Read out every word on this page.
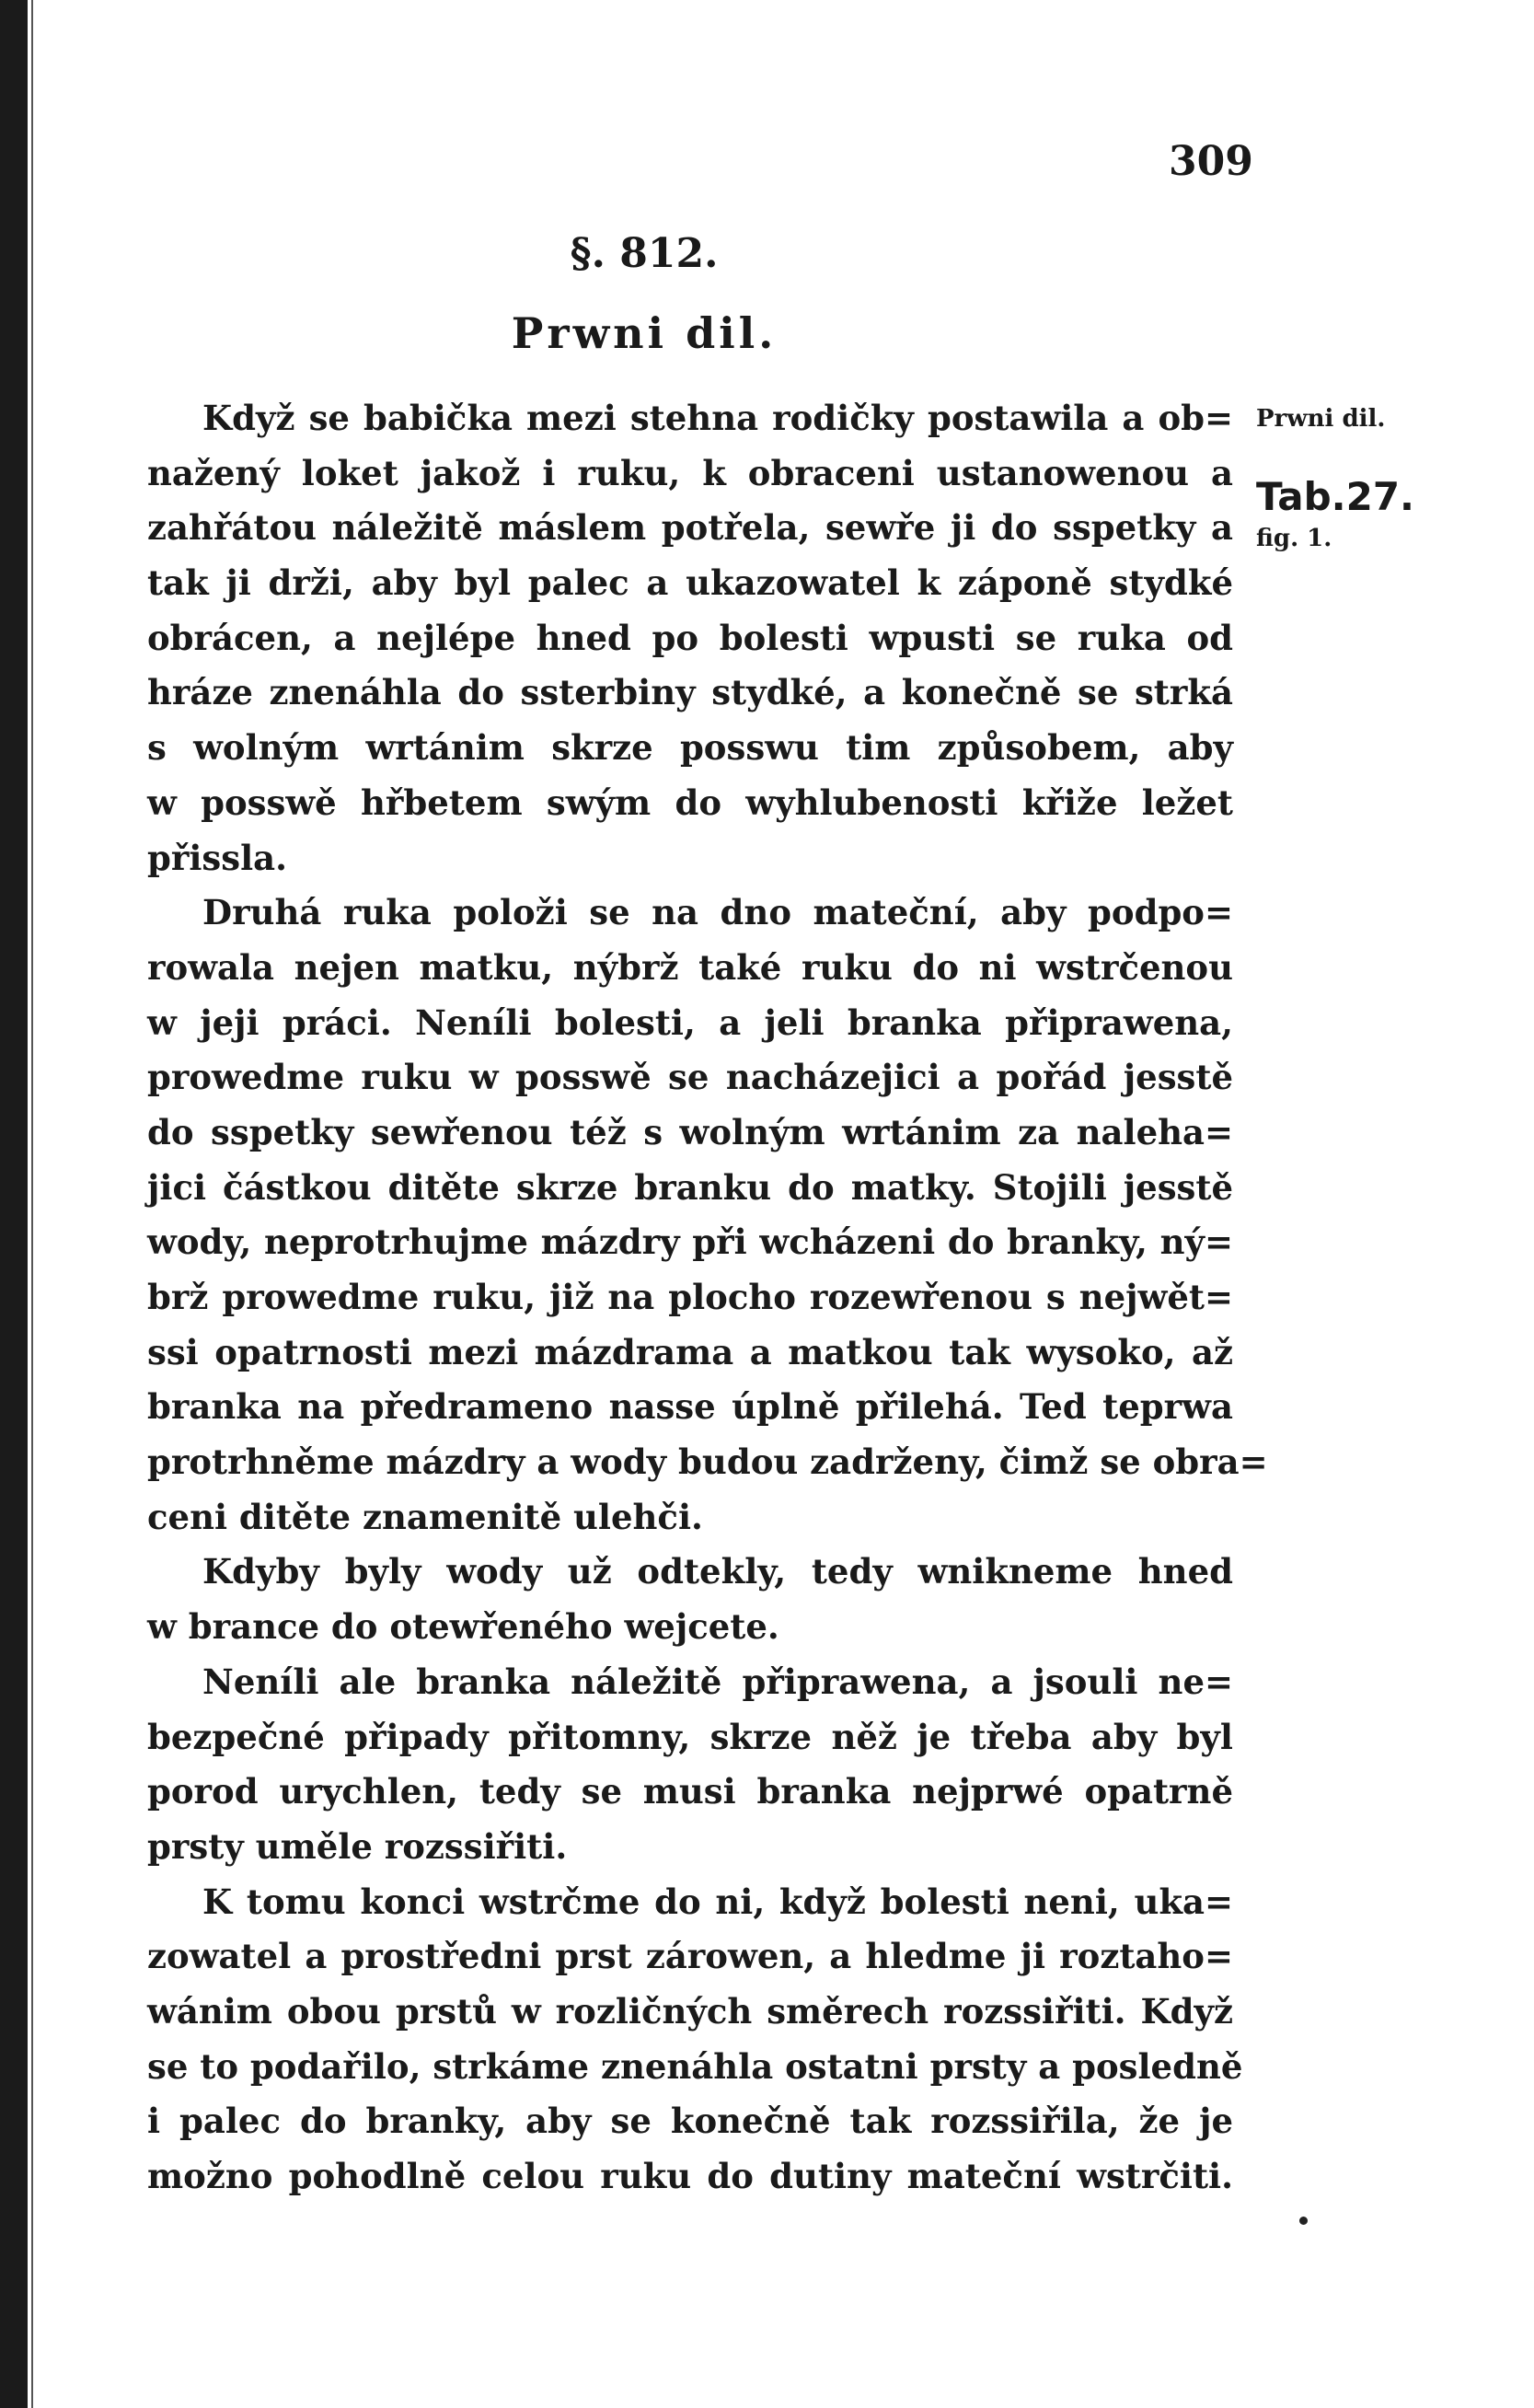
309
§. 812.
Prwni dil.
Prwni dil.
Tab.27.
fig. 1.
Když se babička mezi stehna rodičky postawila a ob=
nažený loket jakož i ruku, k obraceni ustanowenou a
zahřátou náležitě máslem potřela, sewře ji do sspetky a
tak ji drži, aby byl palec a ukazowatel k záponě stydké
obrácen, a nejlépe hned po bolesti wpusti se ruka od
hráze znenáhla do ssterbiny stydké, a konečně se strká
s wolným wrtánim skrze posswu tim způsobem, aby
w posswě hřbetem swým do wyhlubenosti křiže ležet
přissla.
Druhá ruka položi se na dno mateční, aby podpo=
rowala nejen matku, nýbrž také ruku do ni wstrčenou
w jeji práci. Neníli bolesti, a jeli branka připrawena,
prowedme ruku w posswě se nacházejici a pořád jesstě
do sspetky sewřenou též s wolným wrtánim za naleha=
jici částkou ditěte skrze branku do matky. Stojili jesstě
wody, neprotrhujme mázdry při wcházeni do branky, ný=
brž prowedme ruku, již na plocho rozewřenou s nejwět=
ssi opatrnosti mezi mázdrama a matkou tak wysoko, až
branka na předrameno nasse úplně přilehá. Ted teprwa
protrhněme mázdry a wody budou zadrženy, čimž se obra=
ceni ditěte znamenitě ulehči.
Kdyby byly wody už odtekly, tedy wnikneme hned
w brance do otewřeného wejcete.
Neníli ale branka náležitě připrawena, a jsouli ne=
bezpečné připady přitomny, skrze něž je třeba aby byl
porod urychlen, tedy se musi branka nejprwé opatrně
prsty uměle rozssiřiti.
K tomu konci wstrčme do ni, když bolesti neni, uka=
zowatel a prostředni prst zárowen, a hledme ji roztaho=
wánim obou prstů w rozličných směrech rozssiřiti. Když
se to podařilo, strkáme znenáhla ostatni prsty a posledně
i palec do branky, aby se konečně tak rozssiřila, že je
možno pohodlně celou ruku do dutiny mateční wstrčiti.
